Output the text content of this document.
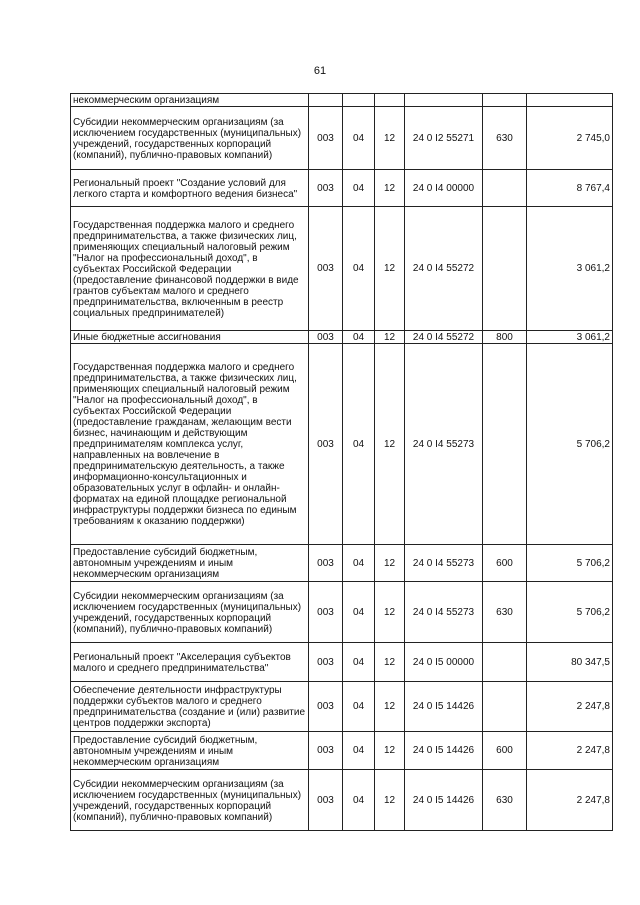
61
некоммерческим организациям						
Субсидии некоммерческим организациям (за исключением государственных (муниципальных) учреждений, государственных корпораций (компаний), публично-правовых компаний)	003	04	12	24 0 I2 55271	630	2 745,0
Региональный проект "Создание условий для легкого старта и комфортного ведения бизнеса"	003	04	12	24 0 I4 00000		8 767,4
Государственная поддержка малого и среднего предпринимательства, а также физических лиц, применяющих специальный налоговый режим "Налог на профессиональный доход", в субъектах Российской Федерации (предоставление финансовой поддержки в виде грантов субъектам малого и среднего предпринимательства, включенным в реестр социальных предпринимателей)	003	04	12	24 0 I4 55272		3 061,2
Иные бюджетные ассигнования	003	04	12	24 0 I4 55272	800	3 061,2
Государственная поддержка малого и среднего предпринимательства, а также физических лиц, применяющих специальный налоговый режим "Налог на профессиональный доход", в субъектах Российской Федерации (предоставление гражданам, желающим вести бизнес, начинающим и действующим предпринимателям комплекса услуг, направленных на вовлечение в предпринимательскую деятельность, а также информационно-консультационных и образовательных услуг в офлайн- и онлайн-форматах на единой площадке региональной инфраструктуры поддержки бизнеса по единым требованиям к оказанию поддержки)	003	04	12	24 0 I4 55273		5 706,2
Предоставление субсидий бюджетным, автономным учреждениям и иным некоммерческим организациям	003	04	12	24 0 I4 55273	600	5 706,2
Субсидии некоммерческим организациям (за исключением государственных (муниципальных) учреждений, государственных корпораций (компаний), публично-правовых компаний)	003	04	12	24 0 I4 55273	630	5 706,2
Региональный проект "Акселерация субъектов малого и среднего предпринимательства"	003	04	12	24 0 I5 00000		80 347,5
Обеспечение деятельности инфраструктуры поддержки субъектов малого и среднего предпринимательства (создание и (или) развитие центров поддержки экспорта)	003	04	12	24 0 I5 14426		2 247,8
Предоставление субсидий бюджетным, автономным учреждениям и иным некоммерческим организациям	003	04	12	24 0 I5 14426	600	2 247,8
Субсидии некоммерческим организациям (за исключением государственных (муниципальных) учреждений, государственных корпораций (компаний), публично-правовых компаний)	003	04	12	24 0 I5 14426	630	2 247,8
